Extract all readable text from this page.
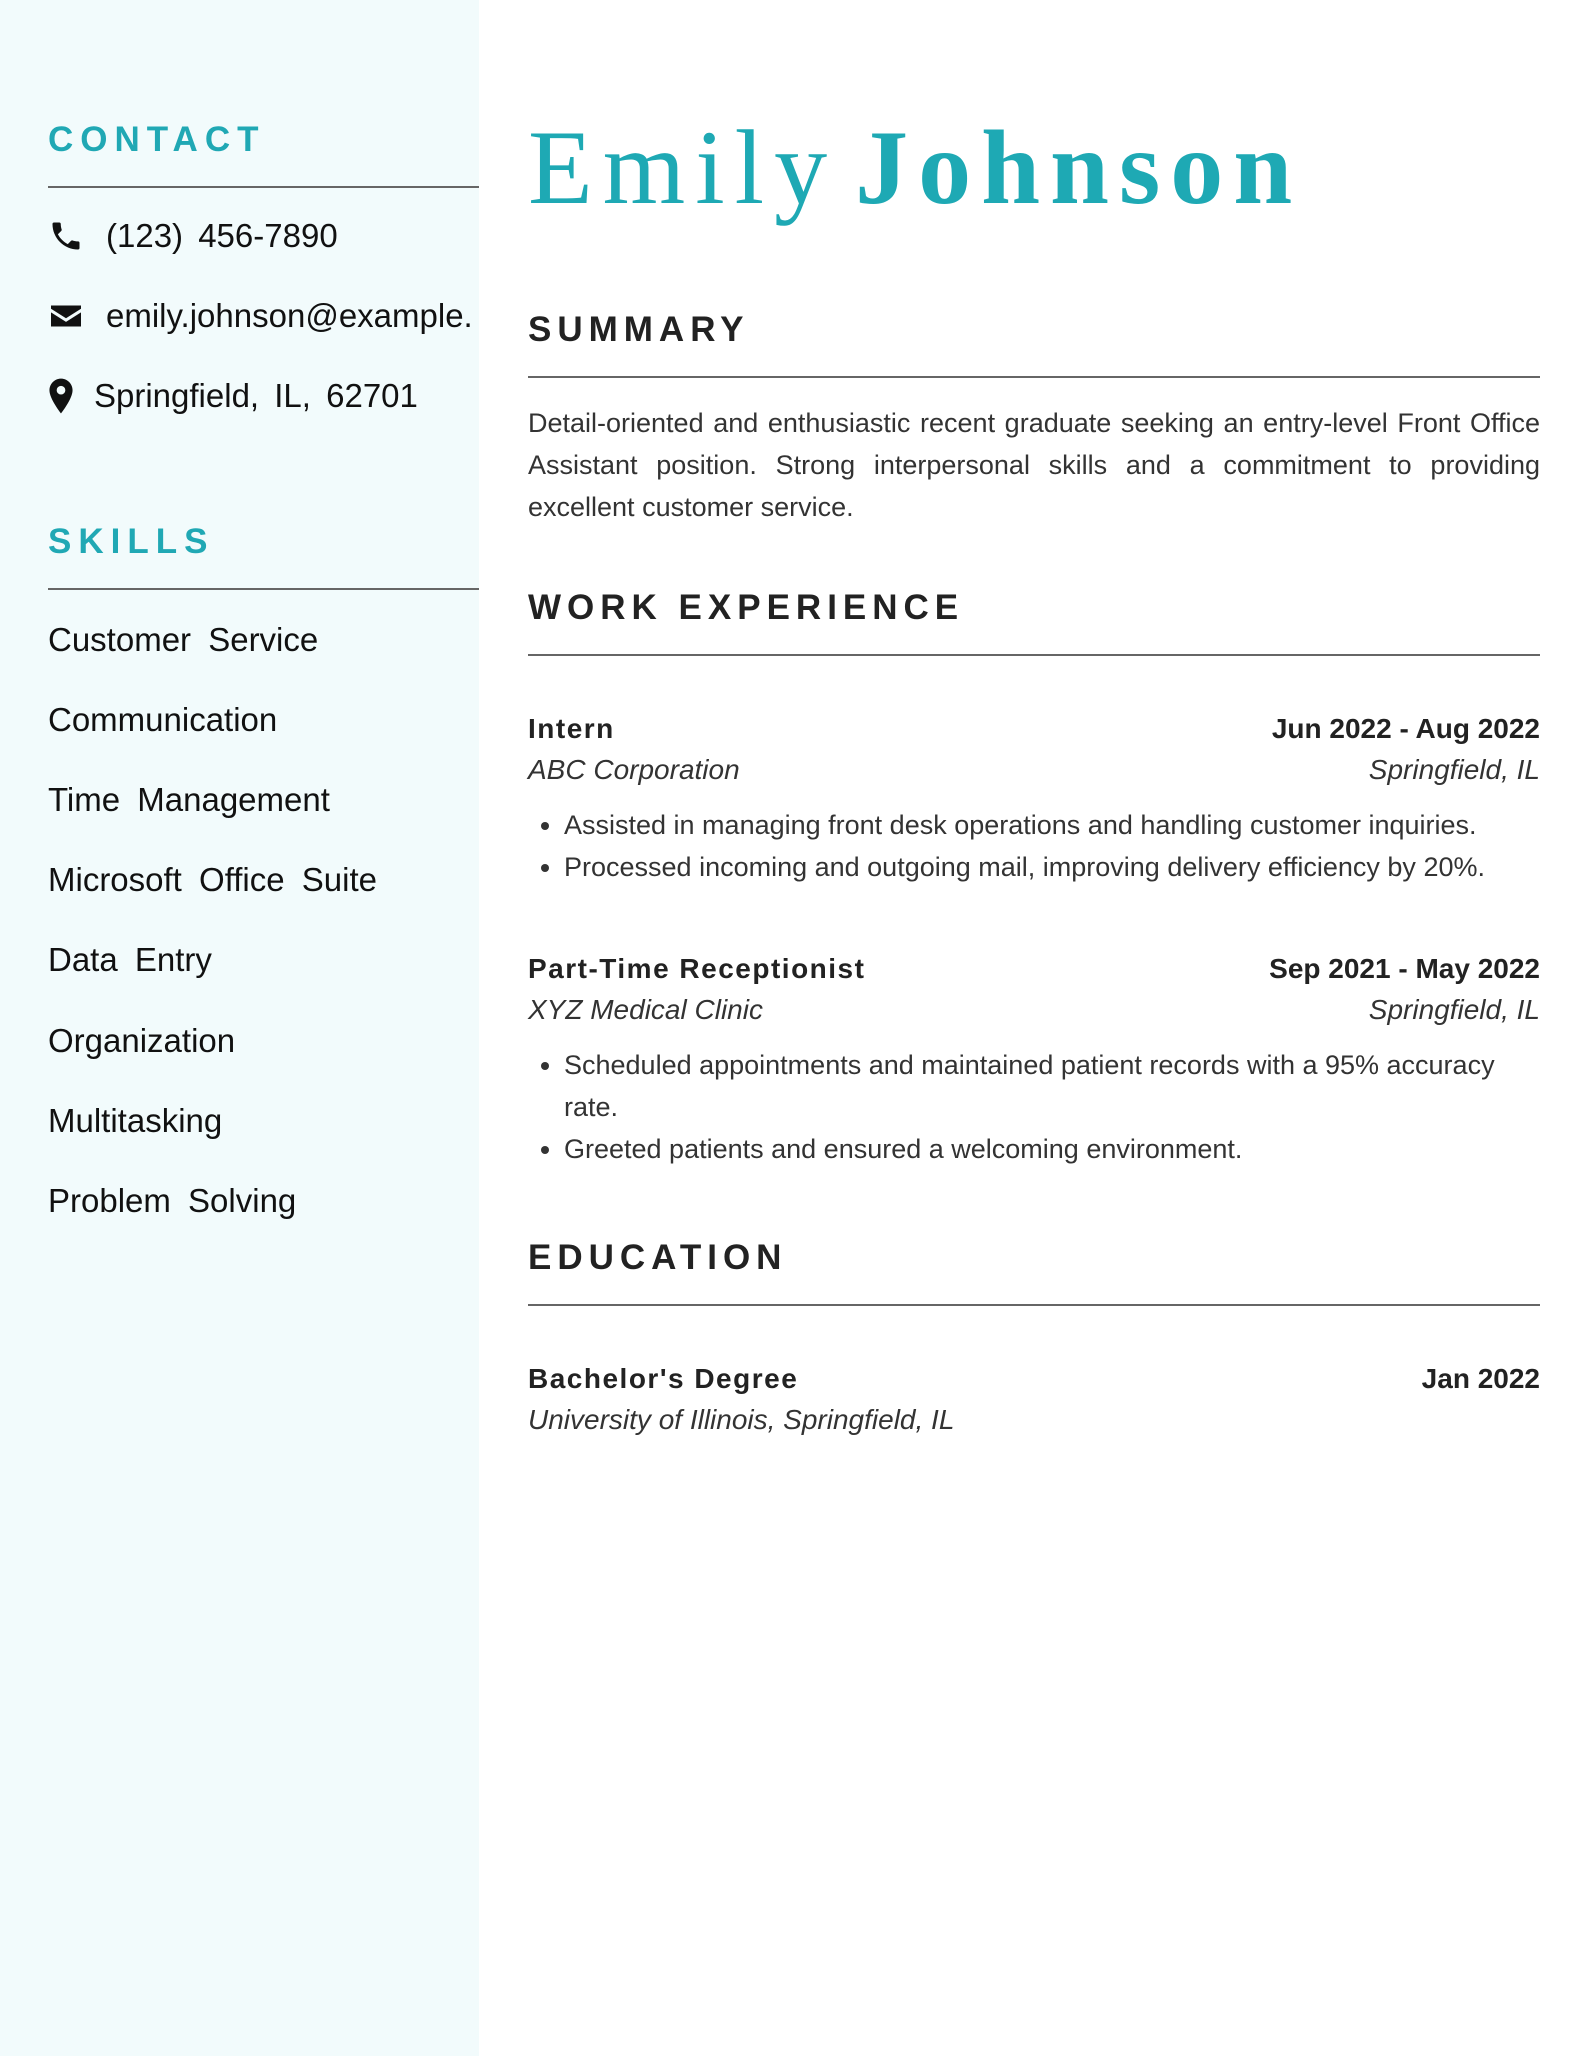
CONTACT
(123) 456-7890
emily.johnson@example.
Springfield, IL, 62701
SKILLS

Customer Service

Communication

Time Management

Microsoft Office Suite

Data Entry

Organization

Multitasking

Problem Solving

Emily Johnson
SUMMARY

Detail-oriented and enthusiastic recent graduate seeking an entry-level Front Office Assistant position. Strong interpersonal skills and a commitment to providing excellent customer service.

WORK EXPERIENCE
Intern	Jun 2022 - Aug 2022
ABC Corporation	Springfield, IL
• Assisted in managing front desk operations and handling customer inquiries.
• Processed incoming and outgoing mail, improving delivery efficiency by 20%.
Part-Time Receptionist	Sep 2021 - May 2022
XYZ Medical Clinic	Springfield, IL
• Scheduled appointments and maintained patient records with a 95% accuracy rate.
• Greeted patients and ensured a welcoming environment.
EDUCATION
Bachelor's Degree	Jan 2022
University of Illinois, Springfield, IL
